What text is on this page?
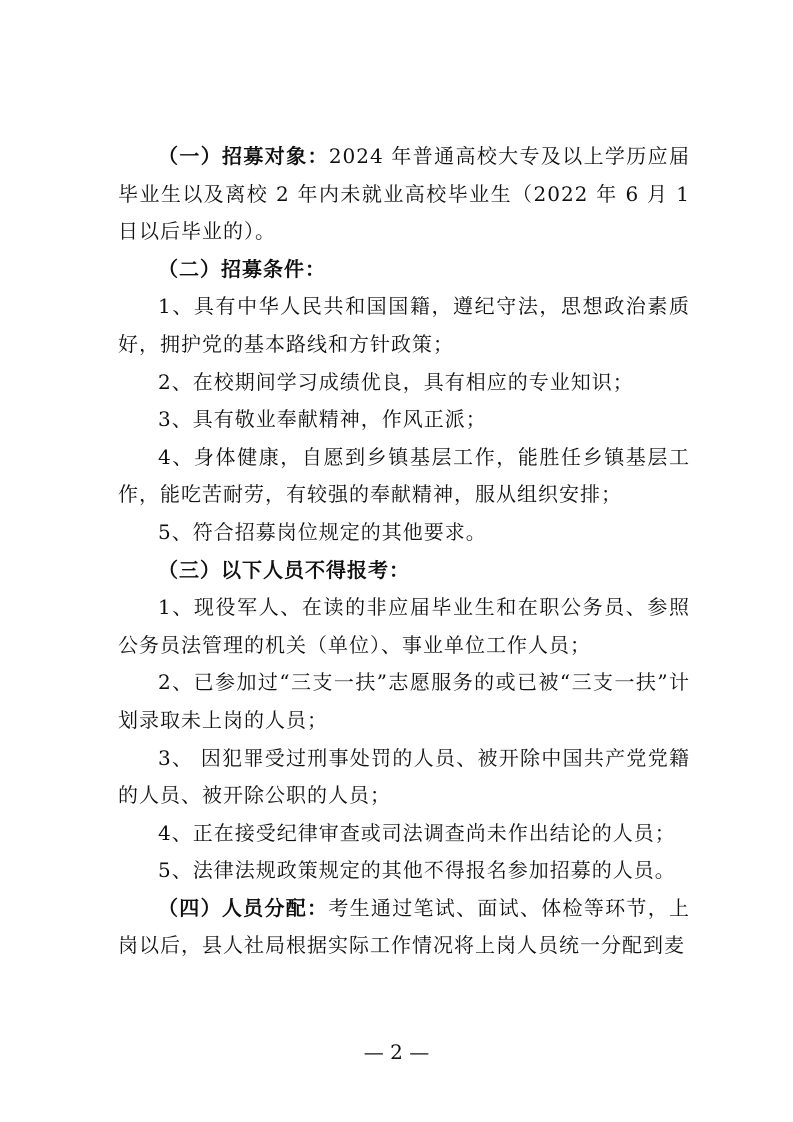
（一）招募对象：2024 年普通高校大专及以上学历应届毕业生以及离校 2 年内未就业高校毕业生（2022 年 6 月 1 日以后毕业的）。

（二）招募条件：

1、具有中华人民共和国国籍，遵纪守法，思想政治素质好，拥护党的基本路线和方针政策；

2、在校期间学习成绩优良，具有相应的专业知识；

3、具有敬业奉献精神，作风正派；

4、身体健康，自愿到乡镇基层工作，能胜任乡镇基层工作，能吃苦耐劳，有较强的奉献精神，服从组织安排；

5、符合招募岗位规定的其他要求。

（三）以下人员不得报考：

1、现役军人、在读的非应届毕业生和在职公务员、参照公务员法管理的机关（单位）、事业单位工作人员；

2、已参加过“三支一扶”志愿服务的或已被“三支一扶”计划录取未上岗的人员；

3、 因犯罪受过刑事处罚的人员、被开除中国共产党党籍的人员、被开除公职的人员；

4、正在接受纪律审查或司法调查尚未作出结论的人员；

5、法律法规政策规定的其他不得报名参加招募的人员。

（四）人员分配：考生通过笔试、面试、体检等环节，上岗以后，县人社局根据实际工作情况将上岗人员统一分配到麦

— 2 —
